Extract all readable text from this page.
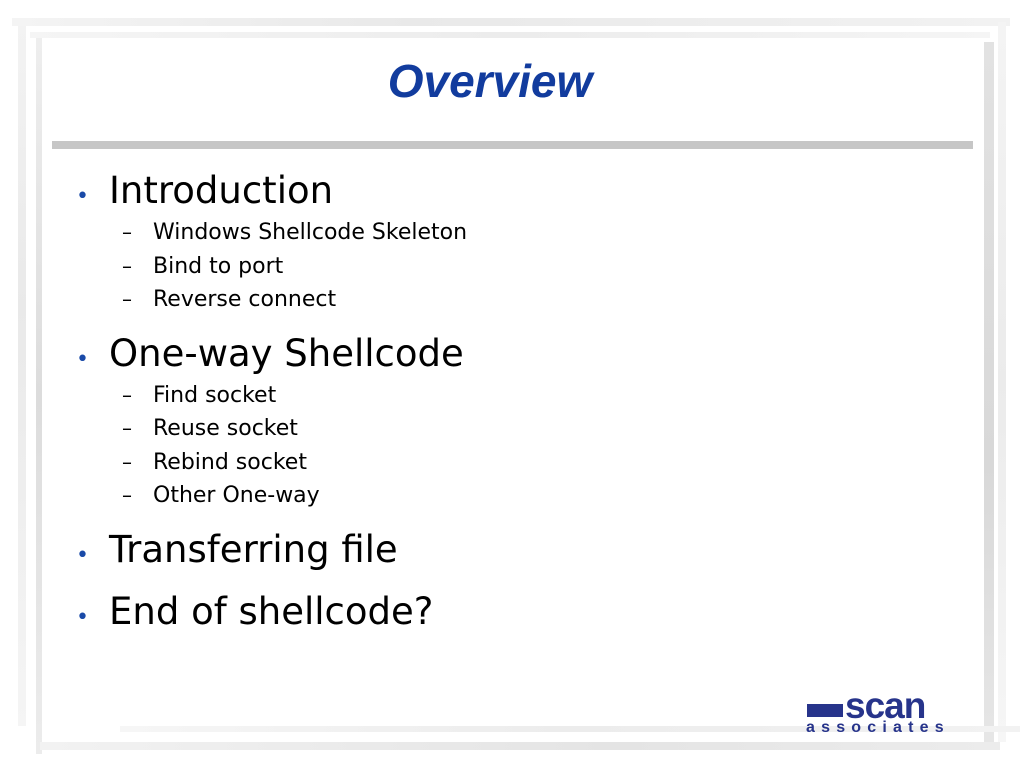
Overview
• Introduction
– Windows Shellcode Skeleton
– Bind to port
– Reverse connect
• One-way Shellcode
– Find socket
– Reuse socket
– Rebind socket
– Other One-way
• Transferring file
• End of shellcode?
scan
associates
